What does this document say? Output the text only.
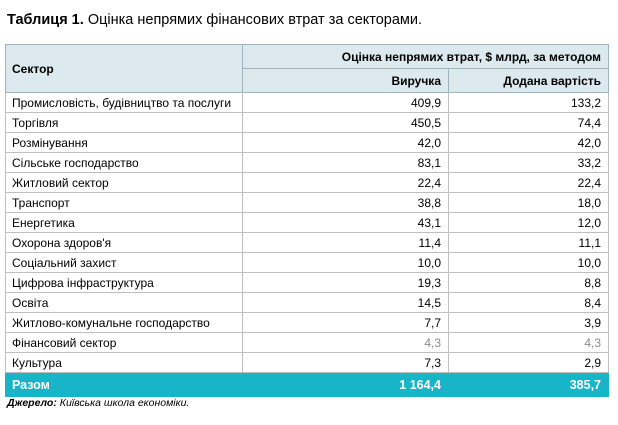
Таблиця 1. Оцінка непрямих фінансових втрат за секторами.
Сектор	Оцінка непрямих втрат, $ млрд, за методом	
	Виручка	Додана вартість
Промисловість, будівництво та послуги	409,9	133,2
Торгівля	450,5	74,4
Розмінування	42,0	42,0
Сільське господарство	83,1	33,2
Житловий сектор	22,4	22,4
Транспорт	38,8	18,0
Енергетика	43,1	12,0
Охорона здоров'я	11,4	11,1
Соціальний захист	10,0	10,0
Цифрова інфраструктура	19,3	8,8
Освіта	14,5	8,4
Житлово-комунальне господарство	7,7	3,9
Фінансовий сектор	4,3	4,3
Культура	7,3	2,9
Разом	1 164,4	385,7
Джерело: Київська школа економіки.
